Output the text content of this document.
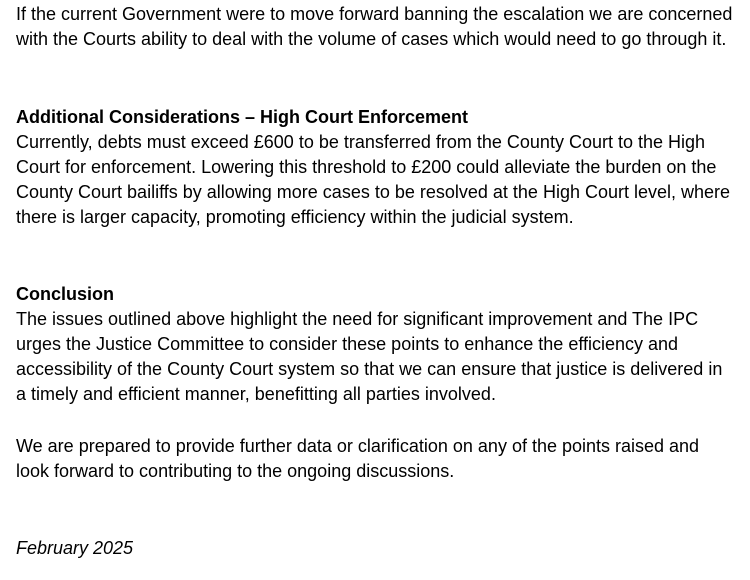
If the current Government were to move forward banning the escalation we are concerned with the Courts ability to deal with the volume of cases which would need to go through it.

Additional Considerations – High Court Enforcement

Currently, debts must exceed £600 to be transferred from the County Court to the High Court for enforcement. Lowering this threshold to £200 could alleviate the burden on the County Court bailiffs by allowing more cases to be resolved at the High Court level, where there is larger capacity, promoting efficiency within the judicial system.

Conclusion

The issues outlined above highlight the need for significant improvement and The IPC urges the Justice Committee to consider these points to enhance the efficiency and accessibility of the County Court system so that we can ensure that justice is delivered in a timely and efficient manner, benefitting all parties involved.

We are prepared to provide further data or clarification on any of the points raised and look forward to contributing to the ongoing discussions.

February 2025
